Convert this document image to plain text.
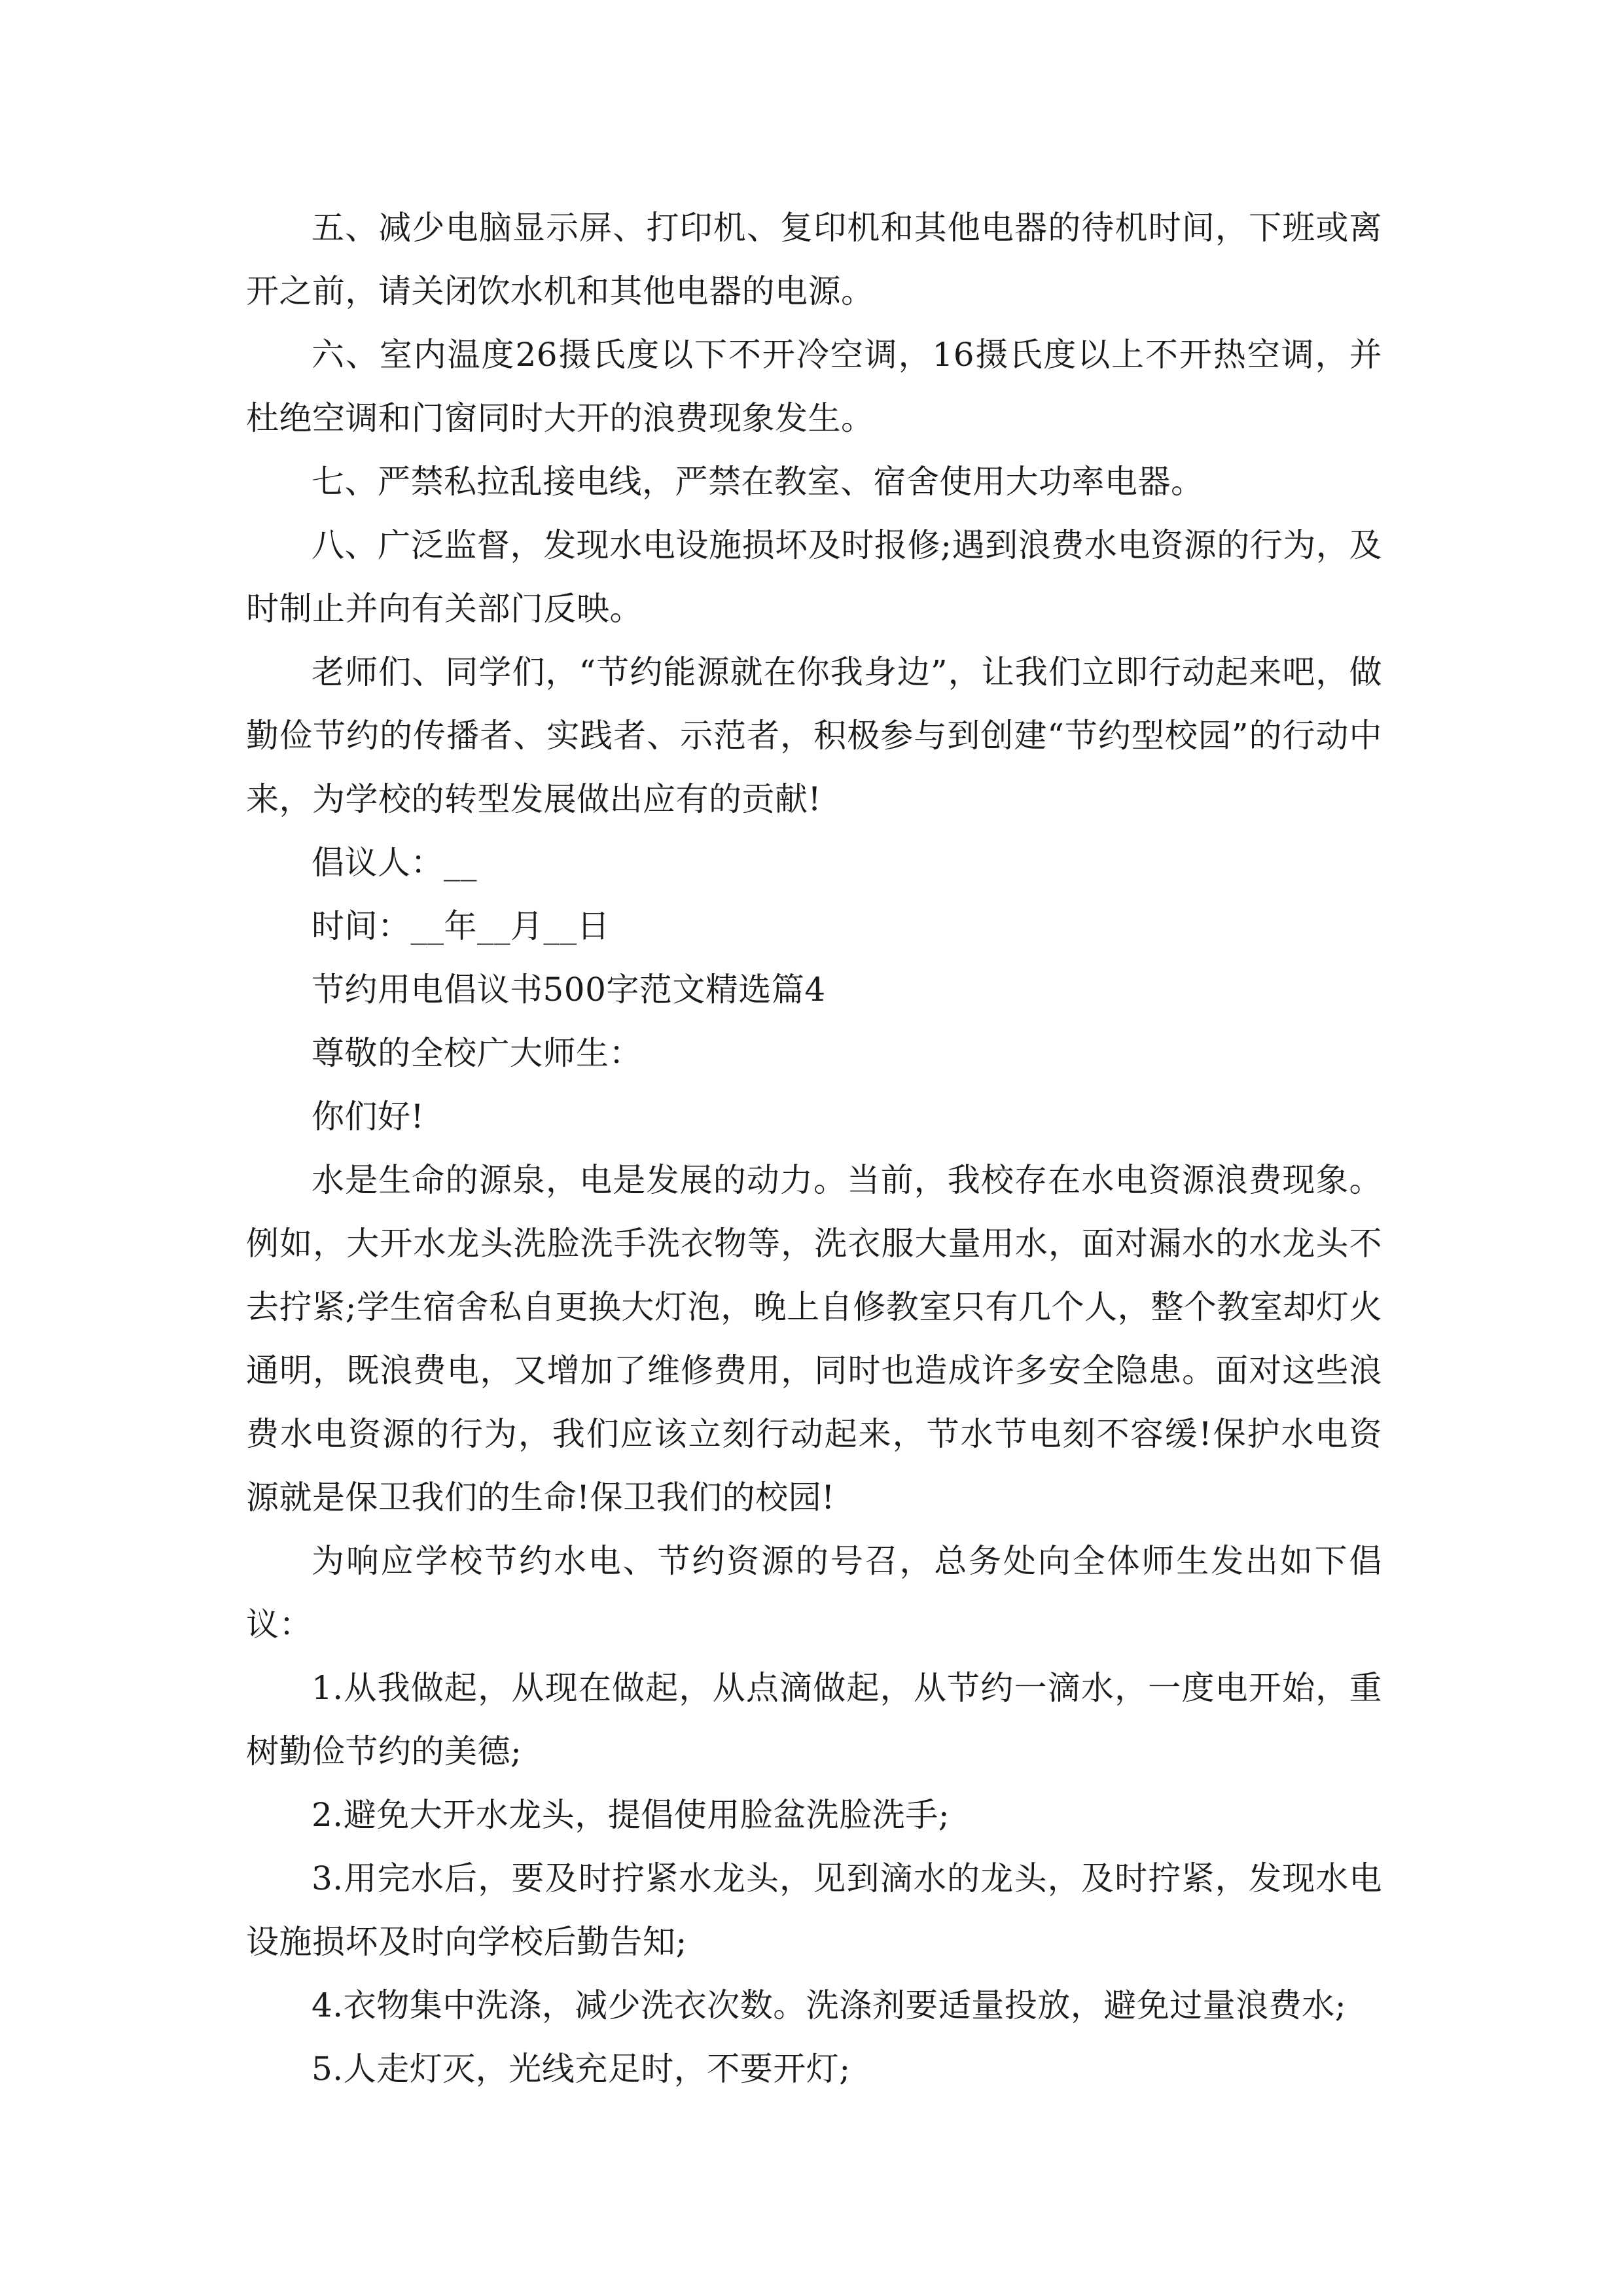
五、减少电脑显示屏、打印机、复印机和其他电器的待机时间，下班或离开之前，请关闭饮水机和其他电器的电源。

六、室内温度26摄氏度以下不开冷空调，16摄氏度以上不开热空调，并杜绝空调和门窗同时大开的浪费现象发生。

七、严禁私拉乱接电线，严禁在教室、宿舍使用大功率电器。

八、广泛监督，发现水电设施损坏及时报修;遇到浪费水电资源的行为，及时制止并向有关部门反映。

老师们、同学们，“节约能源就在你我身边”，让我们立即行动起来吧，做勤俭节约的传播者、实践者、示范者，积极参与到创建“节约型校园”的行动中来，为学校的转型发展做出应有的贡献!

倡议人：__

时间：__年__月__日

节约用电倡议书500字范文精选篇4

尊敬的全校广大师生：

你们好!

水是生命的源泉，电是发展的动力。当前，我校存在水电资源浪费现象。例如，大开水龙头洗脸洗手洗衣物等，洗衣服大量用水，面对漏水的水龙头不去拧紧;学生宿舍私自更换大灯泡，晚上自修教室只有几个人，整个教室却灯火通明，既浪费电，又增加了维修费用，同时也造成许多安全隐患。面对这些浪费水电资源的行为，我们应该立刻行动起来，节水节电刻不容缓!保护水电资源就是保卫我们的生命!保卫我们的校园!

为响应学校节约水电、节约资源的号召，总务处向全体师生发出如下倡议：

1.从我做起，从现在做起，从点滴做起，从节约一滴水，一度电开始，重树勤俭节约的美德;

2.避免大开水龙头，提倡使用脸盆洗脸洗手;

3.用完水后，要及时拧紧水龙头，见到滴水的龙头，及时拧紧，发现水电设施损坏及时向学校后勤告知;

4.衣物集中洗涤，减少洗衣次数。洗涤剂要适量投放，避免过量浪费水;

5.人走灯灭，光线充足时，不要开灯;
